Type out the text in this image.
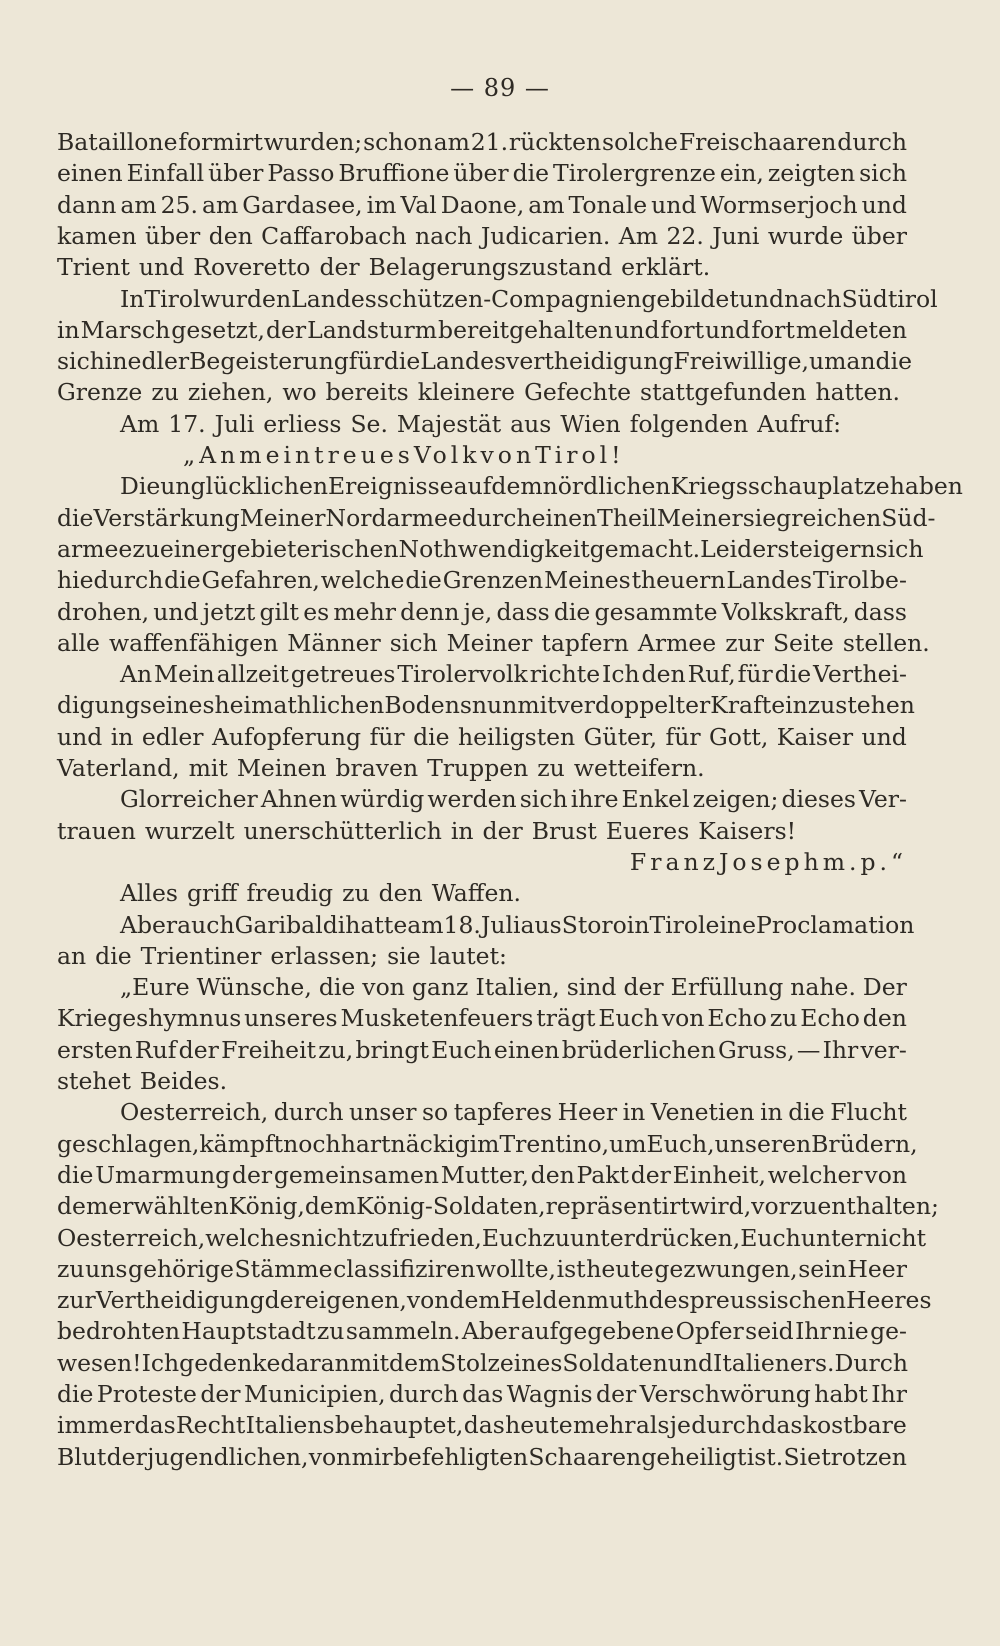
— 89 —
Bataillone formirt wurden; schon am 21. rückten solche Freischaaren durch
einen Einfall über Passo Bruffione über die Tirolergrenze ein, zeigten sich
dann am 25. am Gardasee, im Val Daone, am Tonale und Wormserjoch und
kamen über den Caffarobach nach Judicarien. Am 22. Juni wurde über
Trient und Roveretto der Belagerungszustand erklärt.
In Tirol wurden Landesschützen-Compagnien gebildet und nach Südtirol
in Marsch gesetzt, der Landsturm bereitgehalten und fort und fort meldeten
sich in edler Begeisterung für die Landesvertheidigung Freiwillige, um an die
Grenze zu ziehen, wo bereits kleinere Gefechte stattgefunden hatten.
Am 17. Juli erliess Se. Majestät aus Wien folgenden Aufruf:
„An mein treues Volk von Tirol!
Die unglücklichen Ereignisse auf dem nördlichen Kriegsschauplatze haben
die Verstärkung Meiner Nordarmee durch einen Theil Meiner siegreichen Süd-
armee zu einer gebieterischen Nothwendigkeit gemacht. Leider steigern sich
hiedurch die Gefahren, welche die Grenzen Meines theuern Landes Tirol be-
drohen, und jetzt gilt es mehr denn je, dass die gesammte Volkskraft, dass
alle waffenfähigen Männer sich Meiner tapfern Armee zur Seite stellen.
An Mein allzeit getreues Tirolervolk richte Ich den Ruf, für die Verthei-
digung seines heimathlichen Bodens nun mit verdoppelter Kraft einzustehen
und in edler Aufopferung für die heiligsten Güter, für Gott, Kaiser und
Vaterland, mit Meinen braven Truppen zu wetteifern.
Glorreicher Ahnen würdig werden sich ihre Enkel zeigen; dieses Ver-
trauen wurzelt unerschütterlich in der Brust Eueres Kaisers!
Franz Joseph m. p.“
Alles griff freudig zu den Waffen.
Aber auch Garibaldi hatte am 18. Juli aus Storo in Tirol eine Proclamation
an die Trientiner erlassen; sie lautet:
„Eure Wünsche, die von ganz Italien, sind der Erfüllung nahe. Der
Kriegeshymnus unseres Musketenfeuers trägt Euch von Echo zu Echo den
ersten Ruf der Freiheit zu, bringt Euch einen brüderlichen Gruss, — Ihr ver-
stehet Beides.
Oesterreich, durch unser so tapferes Heer in Venetien in die Flucht
geschlagen, kämpft noch hartnäckig im Trentino, um Euch, unseren Brüdern,
die Umarmung der gemeinsamen Mutter, den Pakt der Einheit, welcher von
dem erwählten König, dem König-Soldaten, repräsentirt wird, vorzuenthalten;
Oesterreich, welches nicht zufrieden, Euch zu unterdrücken, Euch unter nicht
zu uns gehörige Stämme classifiziren wollte, ist heute gezwungen, sein Heer
zur Vertheidigung der eigenen, von dem Heldenmuth des preussischen Heeres
bedrohten Hauptstadt zu sammeln. Aber aufgegebene Opfer seid Ihr nie ge-
wesen! Ich gedenke daran mit dem Stolz eines Soldaten und Italieners. Durch
die Proteste der Municipien, durch das Wagnis der Verschwörung habt Ihr
immer das Recht Italiens behauptet, das heute mehr als je durch das kostbare
Blut der jugendlichen, von mir befehligten Schaaren geheiligt ist. Sie trotzen
